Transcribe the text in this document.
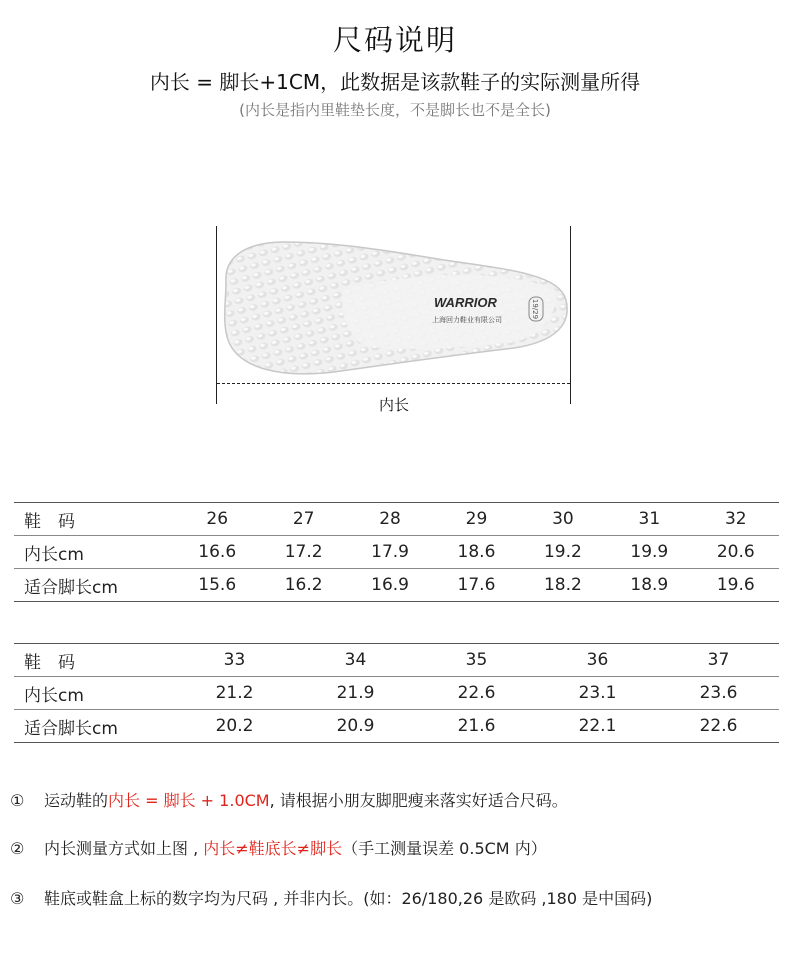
尺码说明
内长 = 脚长+1CM，此数据是该款鞋子的实际测量所得
(内长是指内里鞋垫长度，不是脚长也不是全长)
WARRIOR
上海回力鞋业有限公司
19/29
内长
鞋　码	26	27	28	29	30	31	32
内长cm	16.6	17.2	17.9	18.6	19.2	19.9	20.6
适合脚长cm	15.6	16.2	16.9	17.6	18.2	18.9	19.6
鞋　码	33	34	35	36	37		
内长cm	21.2	21.9	22.6	23.1	23.6		
适合脚长cm	20.2	20.9	21.6	22.1	22.6		
① 运动鞋的内长 = 脚长 + 1.0CM, 请根据小朋友脚肥瘦来落实好适合尺码。
② 内长测量方式如上图 , 内长≠鞋底长≠脚长（手工测量误差 0.5CM 内）
③ 鞋底或鞋盒上标的数字均为尺码 , 并非内长。(如：26/180,26 是欧码 ,180 是中国码)
